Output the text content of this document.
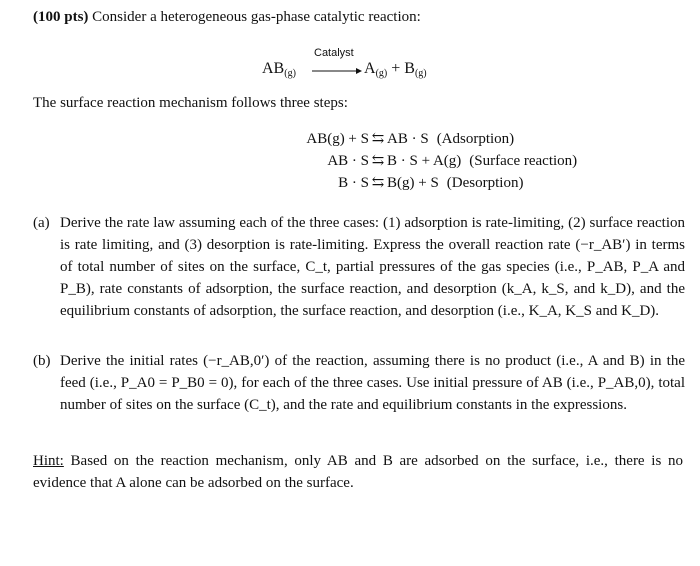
(100 pts) Consider a heterogeneous gas-phase catalytic reaction:
Catalyst
$AB_{(g)} \to A_{(g)} + B_{(g)}$
The surface reaction mechanism follows three steps:
AB(g) + S ⇆ AB · S (Adsorption)
AB · S ⇆ B · S + A(g) (Surface reaction)
B · S ⇆ B(g) + S (Desorption)
(a) Derive the rate law assuming each of the three cases: (1) adsorption is rate-limiting, (2) surface reaction is rate limiting, and (3) desorption is rate-limiting. Express the overall reaction rate (−r_AB′) in terms of total number of sites on the surface, C_t, partial pressures of the gas species (i.e., P_AB, P_A and P_B), rate constants of adsorption, the surface reaction, and desorption (k_A, k_S, and k_D), and the equilibrium constants of adsorption, the surface reaction, and desorption (i.e., K_A, K_S and K_D).
(b) Derive the initial rates (−r_AB,0′) of the reaction, assuming there is no product (i.e., A and B) in the feed (i.e., P_A0 = P_B0 = 0), for each of the three cases. Use initial pressure of AB (i.e., P_AB,0), total number of sites on the surface (C_t), and the rate and equilibrium constants in the expressions.
Hint: Based on the reaction mechanism, only AB and B are adsorbed on the surface, i.e., there is no evidence that A alone can be adsorbed on the surface.
